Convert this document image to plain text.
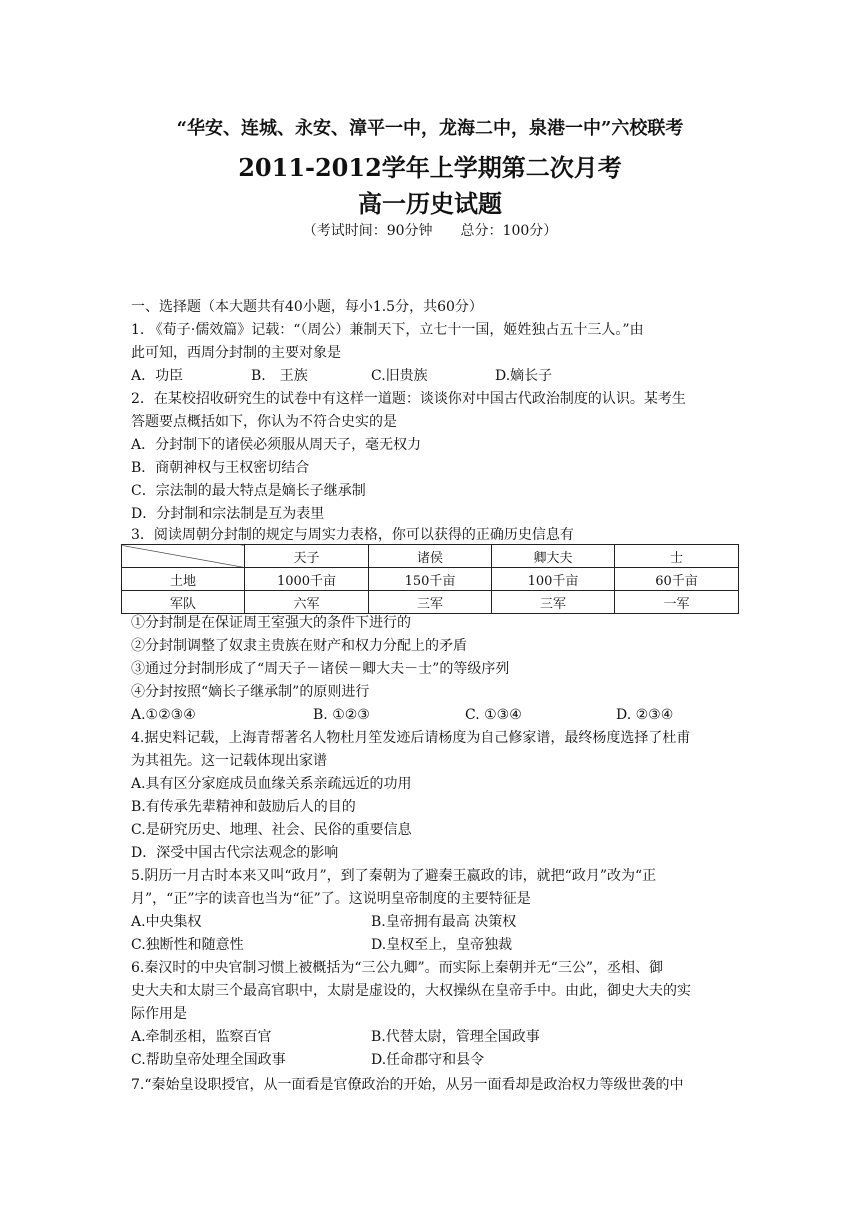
“华安、连城、永安、漳平一中，龙海二中，泉港一中”六校联考
2011-2012学年上学期第二次月考
高一历史试题
（考试时间：90分钟　　总分：100分）
一、选择题（本大题共有40小题，每小1.5分，共60分）
1. 《荀子·儒效篇》记载：“（周公）兼制天下，立七十一国，姬姓独占五十三人。”由
此可知，西周分封制的主要对象是
A．功臣	B.　王族	C.旧贵族	D.嫡长子
2．在某校招收研究生的试卷中有这样一道题：谈谈你对中国古代政治制度的认识。某考生
答题要点概括如下，你认为不符合史实的是
A．分封制下的诸侯必须服从周天子，毫无权力
B．商朝神权与王权密切结合
C．宗法制的最大特点是嫡长子继承制
D．分封制和宗法制是互为表里
3．阅读周朝分封制的规定与周实力表格，你可以获得的正确历史信息有
	天子	诸侯	卿大夫	士
土地	1000千亩	150千亩	100千亩	60千亩
军队	六军	三军	三军	一军
①分封制是在保证周王室强大的条件下进行的
②分封制调整了奴隶主贵族在财产和权力分配上的矛盾
③通过分封制形成了“周天子－诸侯－卿大夫－士”的等级序列
④分封按照“嫡长子继承制”的原则进行
A.①②③④	B. ①②③	C. ①③④	D. ②③④
4.据史料记载，上海青帮著名人物杜月笙发迹后请杨度为自己修家谱，最终杨度选择了杜甫
为其祖先。这一记载体现出家谱
A.具有区分家庭成员血缘关系亲疏远近的功用
B.有传承先辈精神和鼓励后人的目的
C.是研究历史、地理、社会、民俗的重要信息
D．深受中国古代宗法观念的影响
5.阴历一月古时本来又叫“政月”，到了秦朝为了避秦王嬴政的讳，就把“政月”改为“正
月”，“正”字的读音也当为“征”了。这说明皇帝制度的主要特征是
A.中央集权	B.皇帝拥有最高 决策权
C.独断性和随意性	D.皇权至上，皇帝独裁
6.秦汉时的中央官制习惯上被概括为“三公九卿”。而实际上秦朝并无“三公”，丞相、御
史大夫和太尉三个最高官职中，太尉是虚设的，大权操纵在皇帝手中。由此，御史大夫的实
际作用是
A.牵制丞相，监察百官	B.代替太尉，管理全国政事
C.帮助皇帝处理全国政事	D.任命郡守和县令
7.“秦始皇设职授官，从一面看是官僚政治的开始，从另一面看却是政治权力等级世袭的中
